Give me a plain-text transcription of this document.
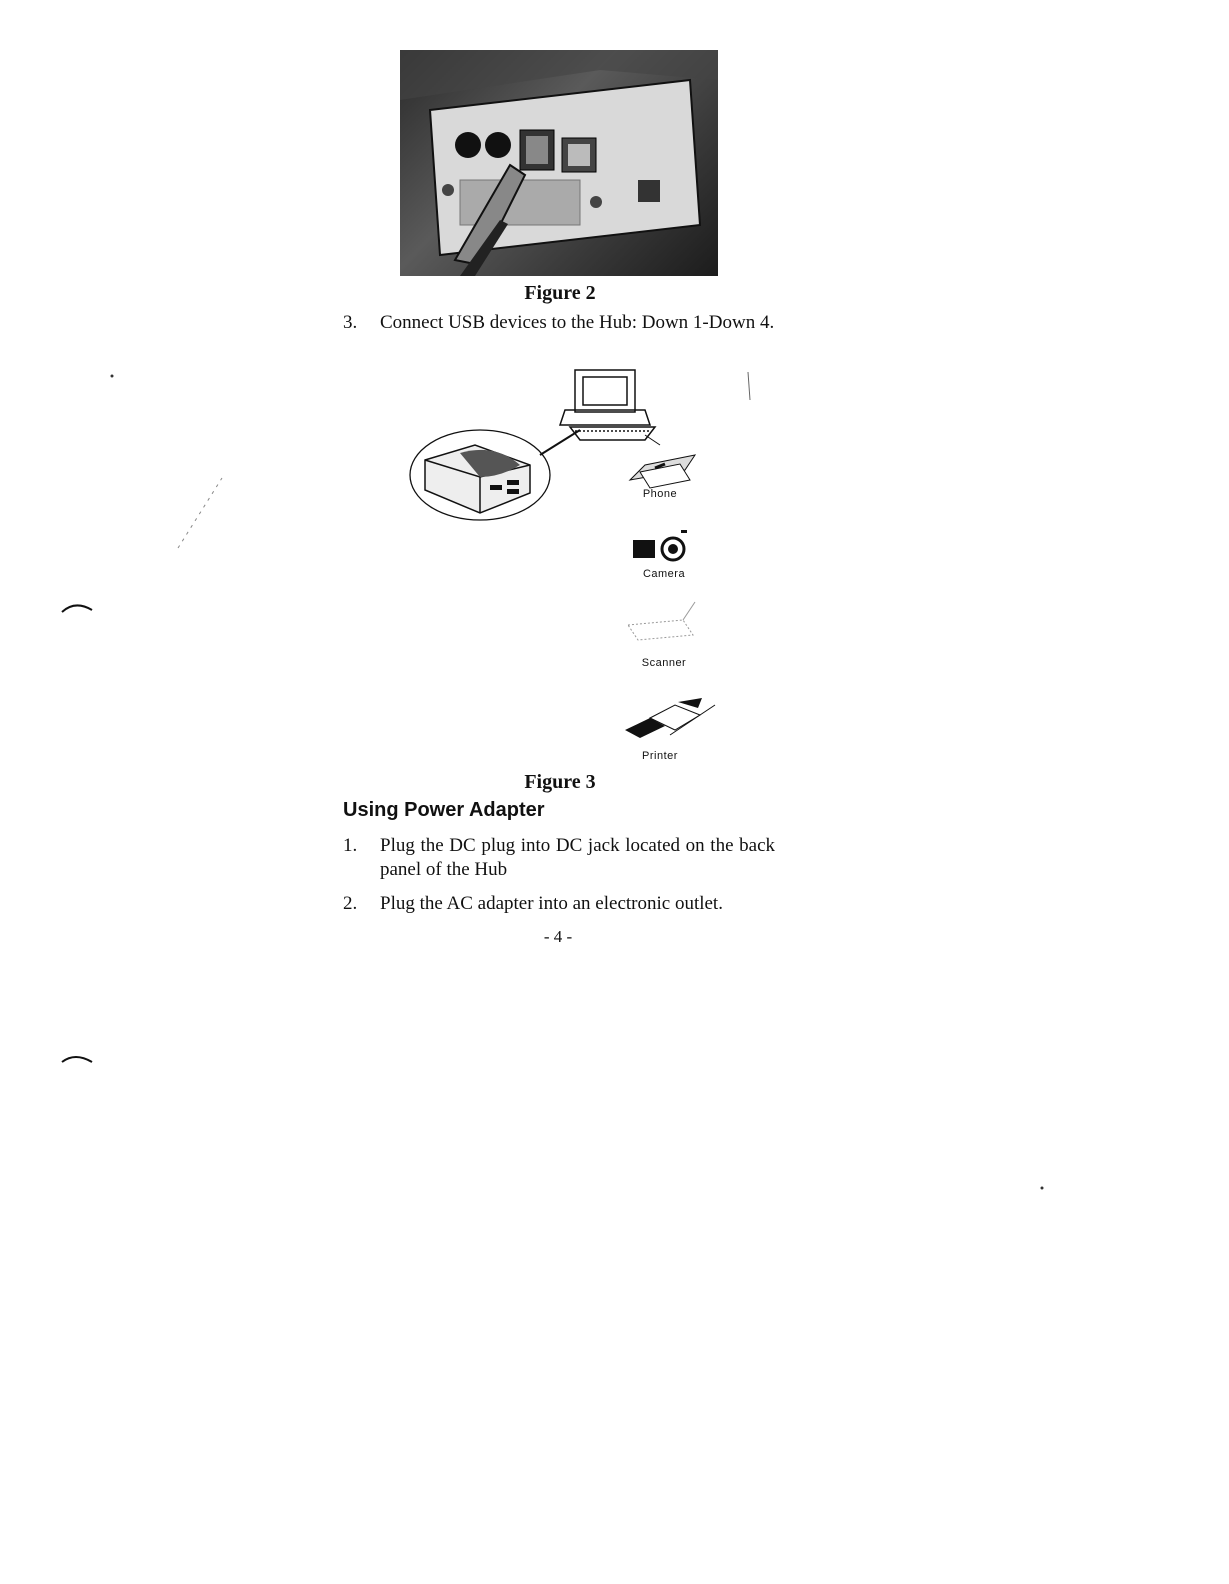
Figure 2
3. Connect USB devices to the Hub: Down 1-Down 4.
Phone
Camera
Scanner
Printer
Figure 3
Using Power Adapter
1. Plug the DC plug into DC jack located on the back panel of the Hub
2. Plug the AC adapter into an electronic outlet.
- 4 -
